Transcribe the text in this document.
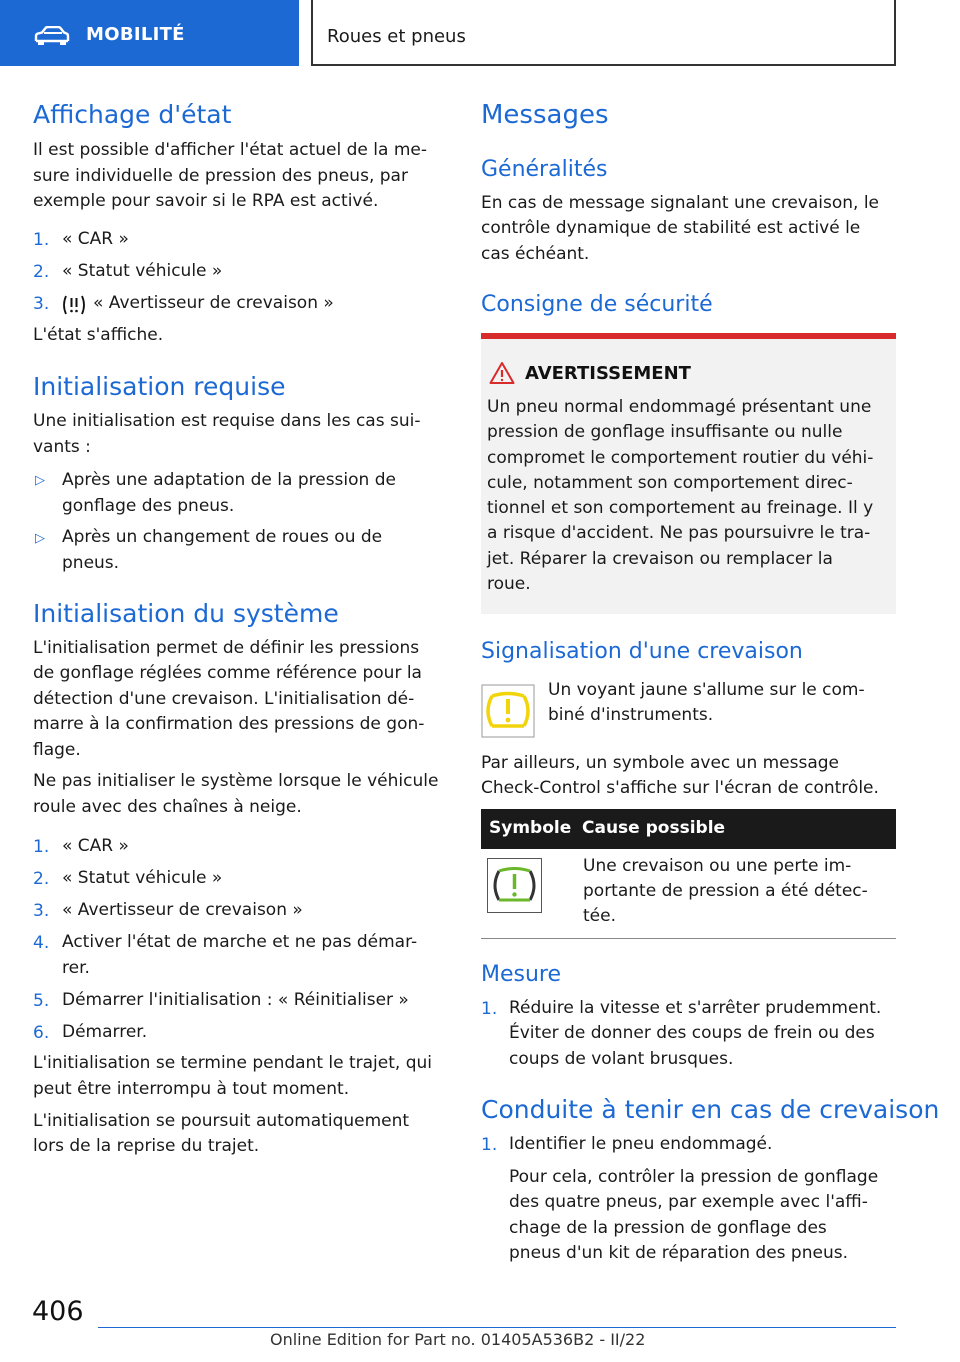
MOBILITÉ	Roues et pneus
Affichage d'état
Il est possible d'afficher l'état actuel de la me-
sure individuelle de pression des pneus, par
exemple pour savoir si le RPA est activé.
1. « CAR »
2. « Statut véhicule »
3.	« Avertisseur de crevaison »
L'état s'affiche.
Initialisation requise
Une initialisation est requise dans les cas sui-
vants :
▷ Après une adaptation de la pression de
gonflage des pneus.
▷ Après un changement de roues ou de
pneus.
Initialisation du système
L'initialisation permet de définir les pressions
de gonflage réglées comme référence pour la
détection d'une crevaison. L'initialisation dé-
marre à la confirmation des pressions de gon-
flage.
Ne pas initialiser le système lorsque le véhicule
roule avec des chaînes à neige.
1. « CAR »
2. « Statut véhicule »
3. « Avertisseur de crevaison »
4. Activer l'état de marche et ne pas démar-
rer.
5. Démarrer l'initialisation : « Réinitialiser »
6. Démarrer.
L'initialisation se termine pendant le trajet, qui
peut être interrompu à tout moment.
L'initialisation se poursuit automatiquement
lors de la reprise du trajet.
Messages
Généralités
En cas de message signalant une crevaison, le
contrôle dynamique de stabilité est activé le
cas échéant.
Consigne de sécurité
AVERTISSEMENT
Un pneu normal endommagé présentant une
pression de gonflage insuffisante ou nulle
compromet le comportement routier du véhi-
cule, notamment son comportement direc-
tionnel et son comportement au freinage. Il y
a risque d'accident. Ne pas poursuivre le tra-
jet. Réparer la crevaison ou remplacer la
roue.
Signalisation d'une crevaison
Un voyant jaune s'allume sur le com-
biné d'instruments.
Par ailleurs, un symbole avec un message
Check-Control s'affiche sur l'écran de contrôle.
Symbole Cause possible
Une crevaison ou une perte im-
portante de pression a été détec-
tée.
Mesure
1. Réduire la vitesse et s'arrêter prudemment.
Éviter de donner des coups de frein ou des
coups de volant brusques.
Conduite à tenir en cas de crevaison
1. Identifier le pneu endommagé.
Pour cela, contrôler la pression de gonflage
des quatre pneus, par exemple avec l'affi-
chage de la pression de gonflage des
pneus d'un kit de réparation des pneus.
406
Online Edition for Part no. 01405A536B2 - II/22
